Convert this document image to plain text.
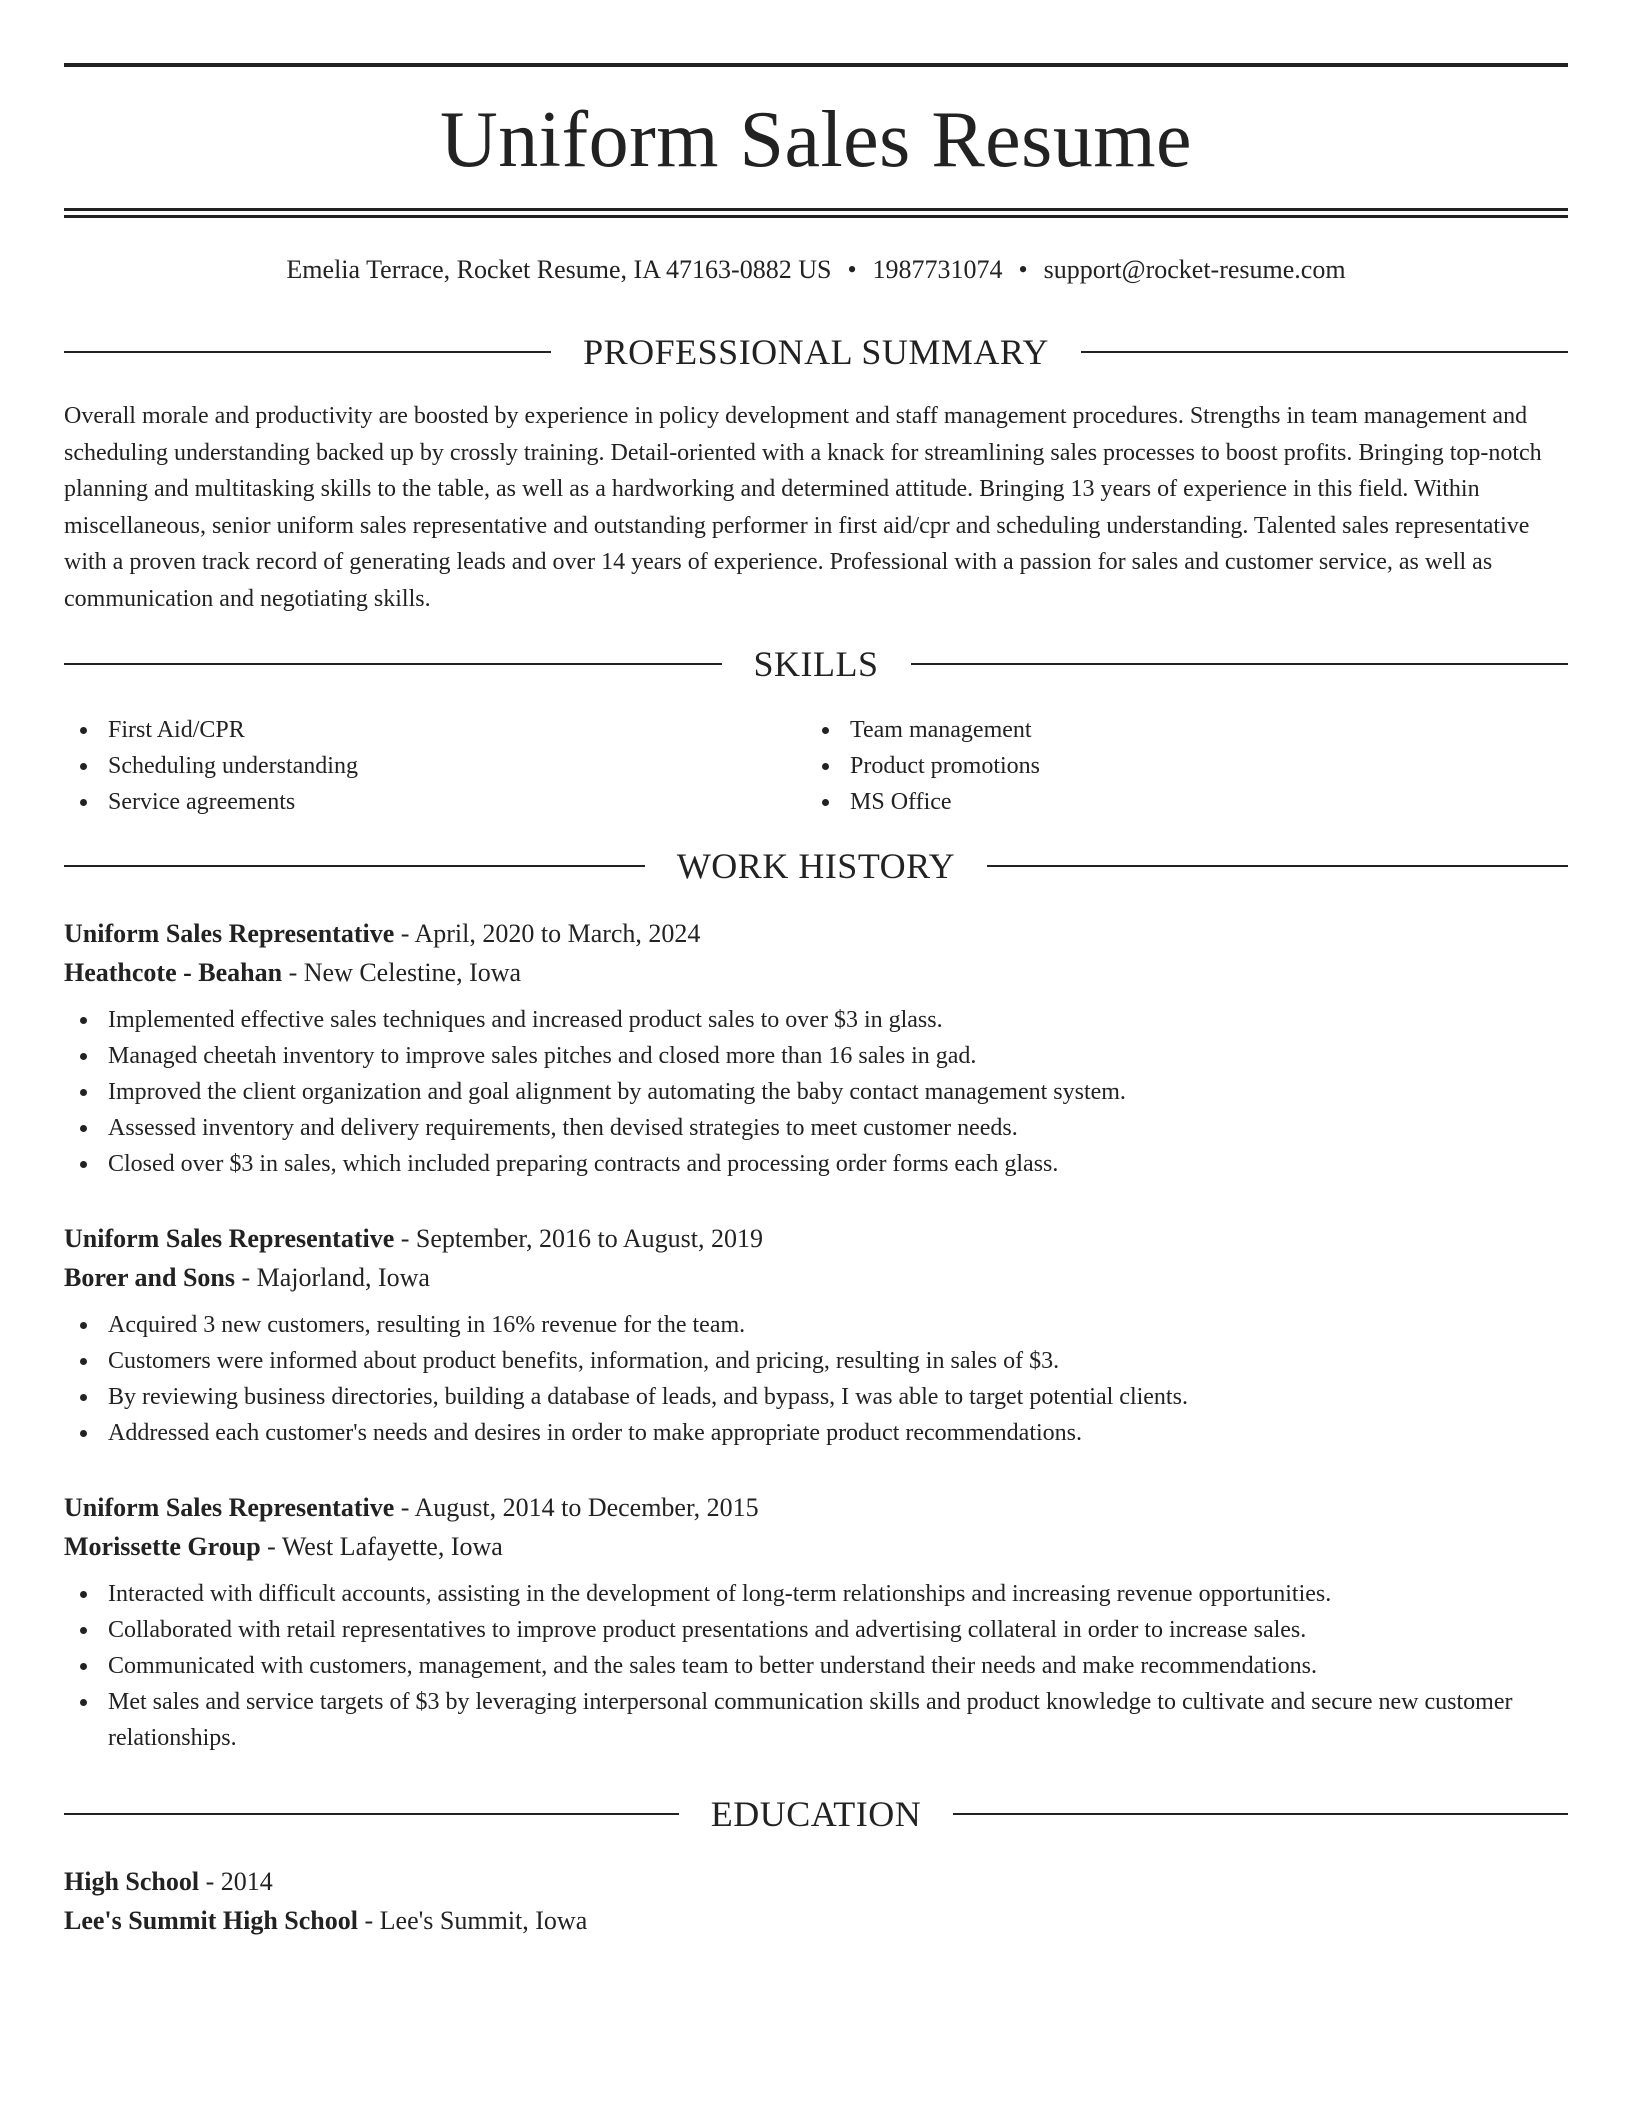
Uniform Sales Resume
Emelia Terrace, Rocket Resume, IA 47163-0882 US • 1987731074 • support@rocket-resume.com
PROFESSIONAL SUMMARY

Overall morale and productivity are boosted by experience in policy development and staff management procedures. Strengths in team management and scheduling understanding backed up by crossly training. Detail-oriented with a knack for streamlining sales processes to boost profits. Bringing top-notch planning and multitasking skills to the table, as well as a hardworking and determined attitude. Bringing 13 years of experience in this field. Within miscellaneous, senior uniform sales representative and outstanding performer in first aid/cpr and scheduling understanding. Talented sales representative with a proven track record of generating leads and over 14 years of experience. Professional with a passion for sales and customer service, as well as communication and negotiating skills.

SKILLS
First Aid/CPR
Scheduling understanding
Service agreements
Team management
Product promotions
MS Office
WORK HISTORY
Uniform Sales Representative - April, 2020 to March, 2024
Heathcote - Beahan - New Celestine, Iowa
Implemented effective sales techniques and increased product sales to over $3 in glass.
Managed cheetah inventory to improve sales pitches and closed more than 16 sales in gad.
Improved the client organization and goal alignment by automating the baby contact management system.
Assessed inventory and delivery requirements, then devised strategies to meet customer needs.
Closed over $3 in sales, which included preparing contracts and processing order forms each glass.
Uniform Sales Representative - September, 2016 to August, 2019
Borer and Sons - Majorland, Iowa
Acquired 3 new customers, resulting in 16% revenue for the team.
Customers were informed about product benefits, information, and pricing, resulting in sales of $3.
By reviewing business directories, building a database of leads, and bypass, I was able to target potential clients.
Addressed each customer's needs and desires in order to make appropriate product recommendations.
Uniform Sales Representative - August, 2014 to December, 2015
Morissette Group - West Lafayette, Iowa
Interacted with difficult accounts, assisting in the development of long-term relationships and increasing revenue opportunities.
Collaborated with retail representatives to improve product presentations and advertising collateral in order to increase sales.
Communicated with customers, management, and the sales team to better understand their needs and make recommendations.
Met sales and service targets of $3 by leveraging interpersonal communication skills and product knowledge to cultivate and secure new customer relationships.
EDUCATION
High School - 2014
Lee's Summit High School - Lee's Summit, Iowa
